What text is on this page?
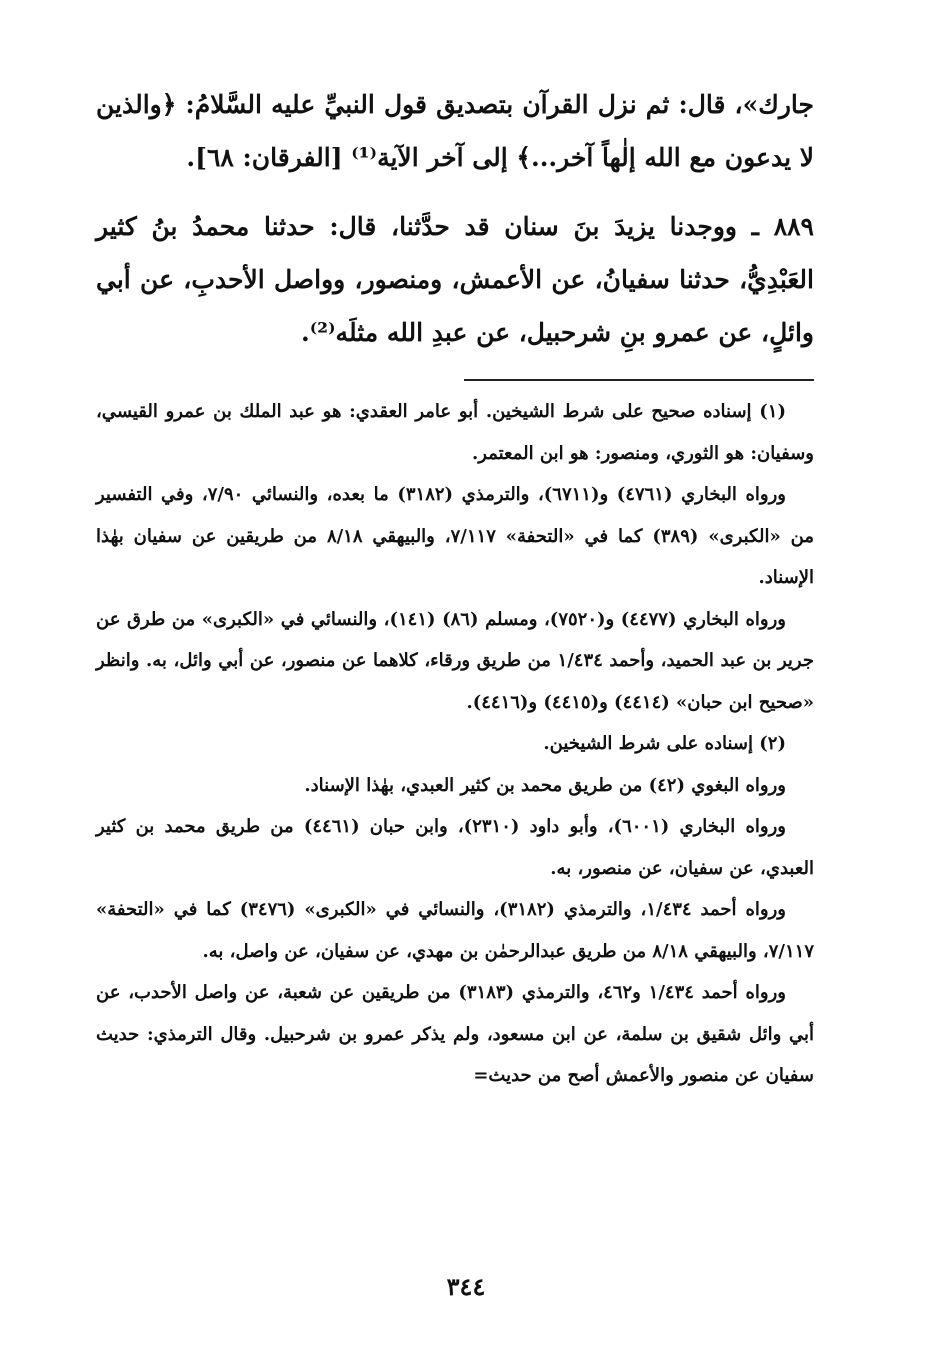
جارك»، قال: ثم نزل القرآن بتصديق قول النبيِّ عليه السَّلامُ: ﴿والذين لا يدعون مع الله إلٰهاً آخر...﴾ إلى آخر الآية⁽¹⁾ [الفرقان: ٦٨].

٨٨٩ ـ ووجدنا يزيدَ بنَ سنان قد حدَّثنا، قال: حدثنا محمدُ بنُ كثير العَبْدِيُّ، حدثنا سفيانُ، عن الأعمش، ومنصور، وواصل الأحدبِ، عن أبي وائلٍ، عن عمرو بنِ شرحبيل، عن عبدِ الله مثلَه⁽²⁾.

(١) إسناده صحيح على شرط الشيخين. أبو عامر العقدي: هو عبد الملك بن عمرو القيسي، وسفيان: هو الثوري، ومنصور: هو ابن المعتمر.

ورواه البخاري (٤٧٦١) و(٦٧١١)، والترمذي (٣١٨٢) ما بعده، والنسائي ٧/٩٠، وفي التفسير من «الكبرى» (٣٨٩) كما في «التحفة» ٧/١١٧، والبيهقي ٨/١٨ من طريقين عن سفيان بهٰذا الإسناد.

ورواه البخاري (٤٤٧٧) و(٧٥٢٠)، ومسلم (٨٦) (١٤١)، والنسائي في «الكبرى» من طرق عن جرير بن عبد الحميد، وأحمد ١/٤٣٤ من طريق ورقاء، كلاهما عن منصور، عن أبي وائل، به. وانظر «صحيح ابن حبان» (٤٤١٤) و(٤٤١٥) و(٤٤١٦).

(٢) إسناده على شرط الشيخين.

ورواه البغوي (٤٢) من طريق محمد بن كثير العبدي، بهٰذا الإسناد.

ورواه البخاري (٦٠٠١)، وأبو داود (٢٣١٠)، وابن حبان (٤٤٦١) من طريق محمد بن كثير العبدي، عن سفيان، عن منصور، به.

ورواه أحمد ١/٤٣٤، والترمذي (٣١٨٢)، والنسائي في «الكبرى» (٣٤٧٦) كما في «التحفة» ٧/١١٧، والبيهقي ٨/١٨ من طريق عبدالرحمٰن بن مهدي، عن سفيان، عن واصل، به.

ورواه أحمد ١/٤٣٤ و٤٦٢، والترمذي (٣١٨٣) من طريقين عن شعبة، عن واصل الأحدب، عن أبي وائل شقيق بن سلمة، عن ابن مسعود، ولم يذكر عمرو بن شرحبيل. وقال الترمذي: حديث سفيان عن منصور والأعمش أصح من حديث=

٣٤٤
